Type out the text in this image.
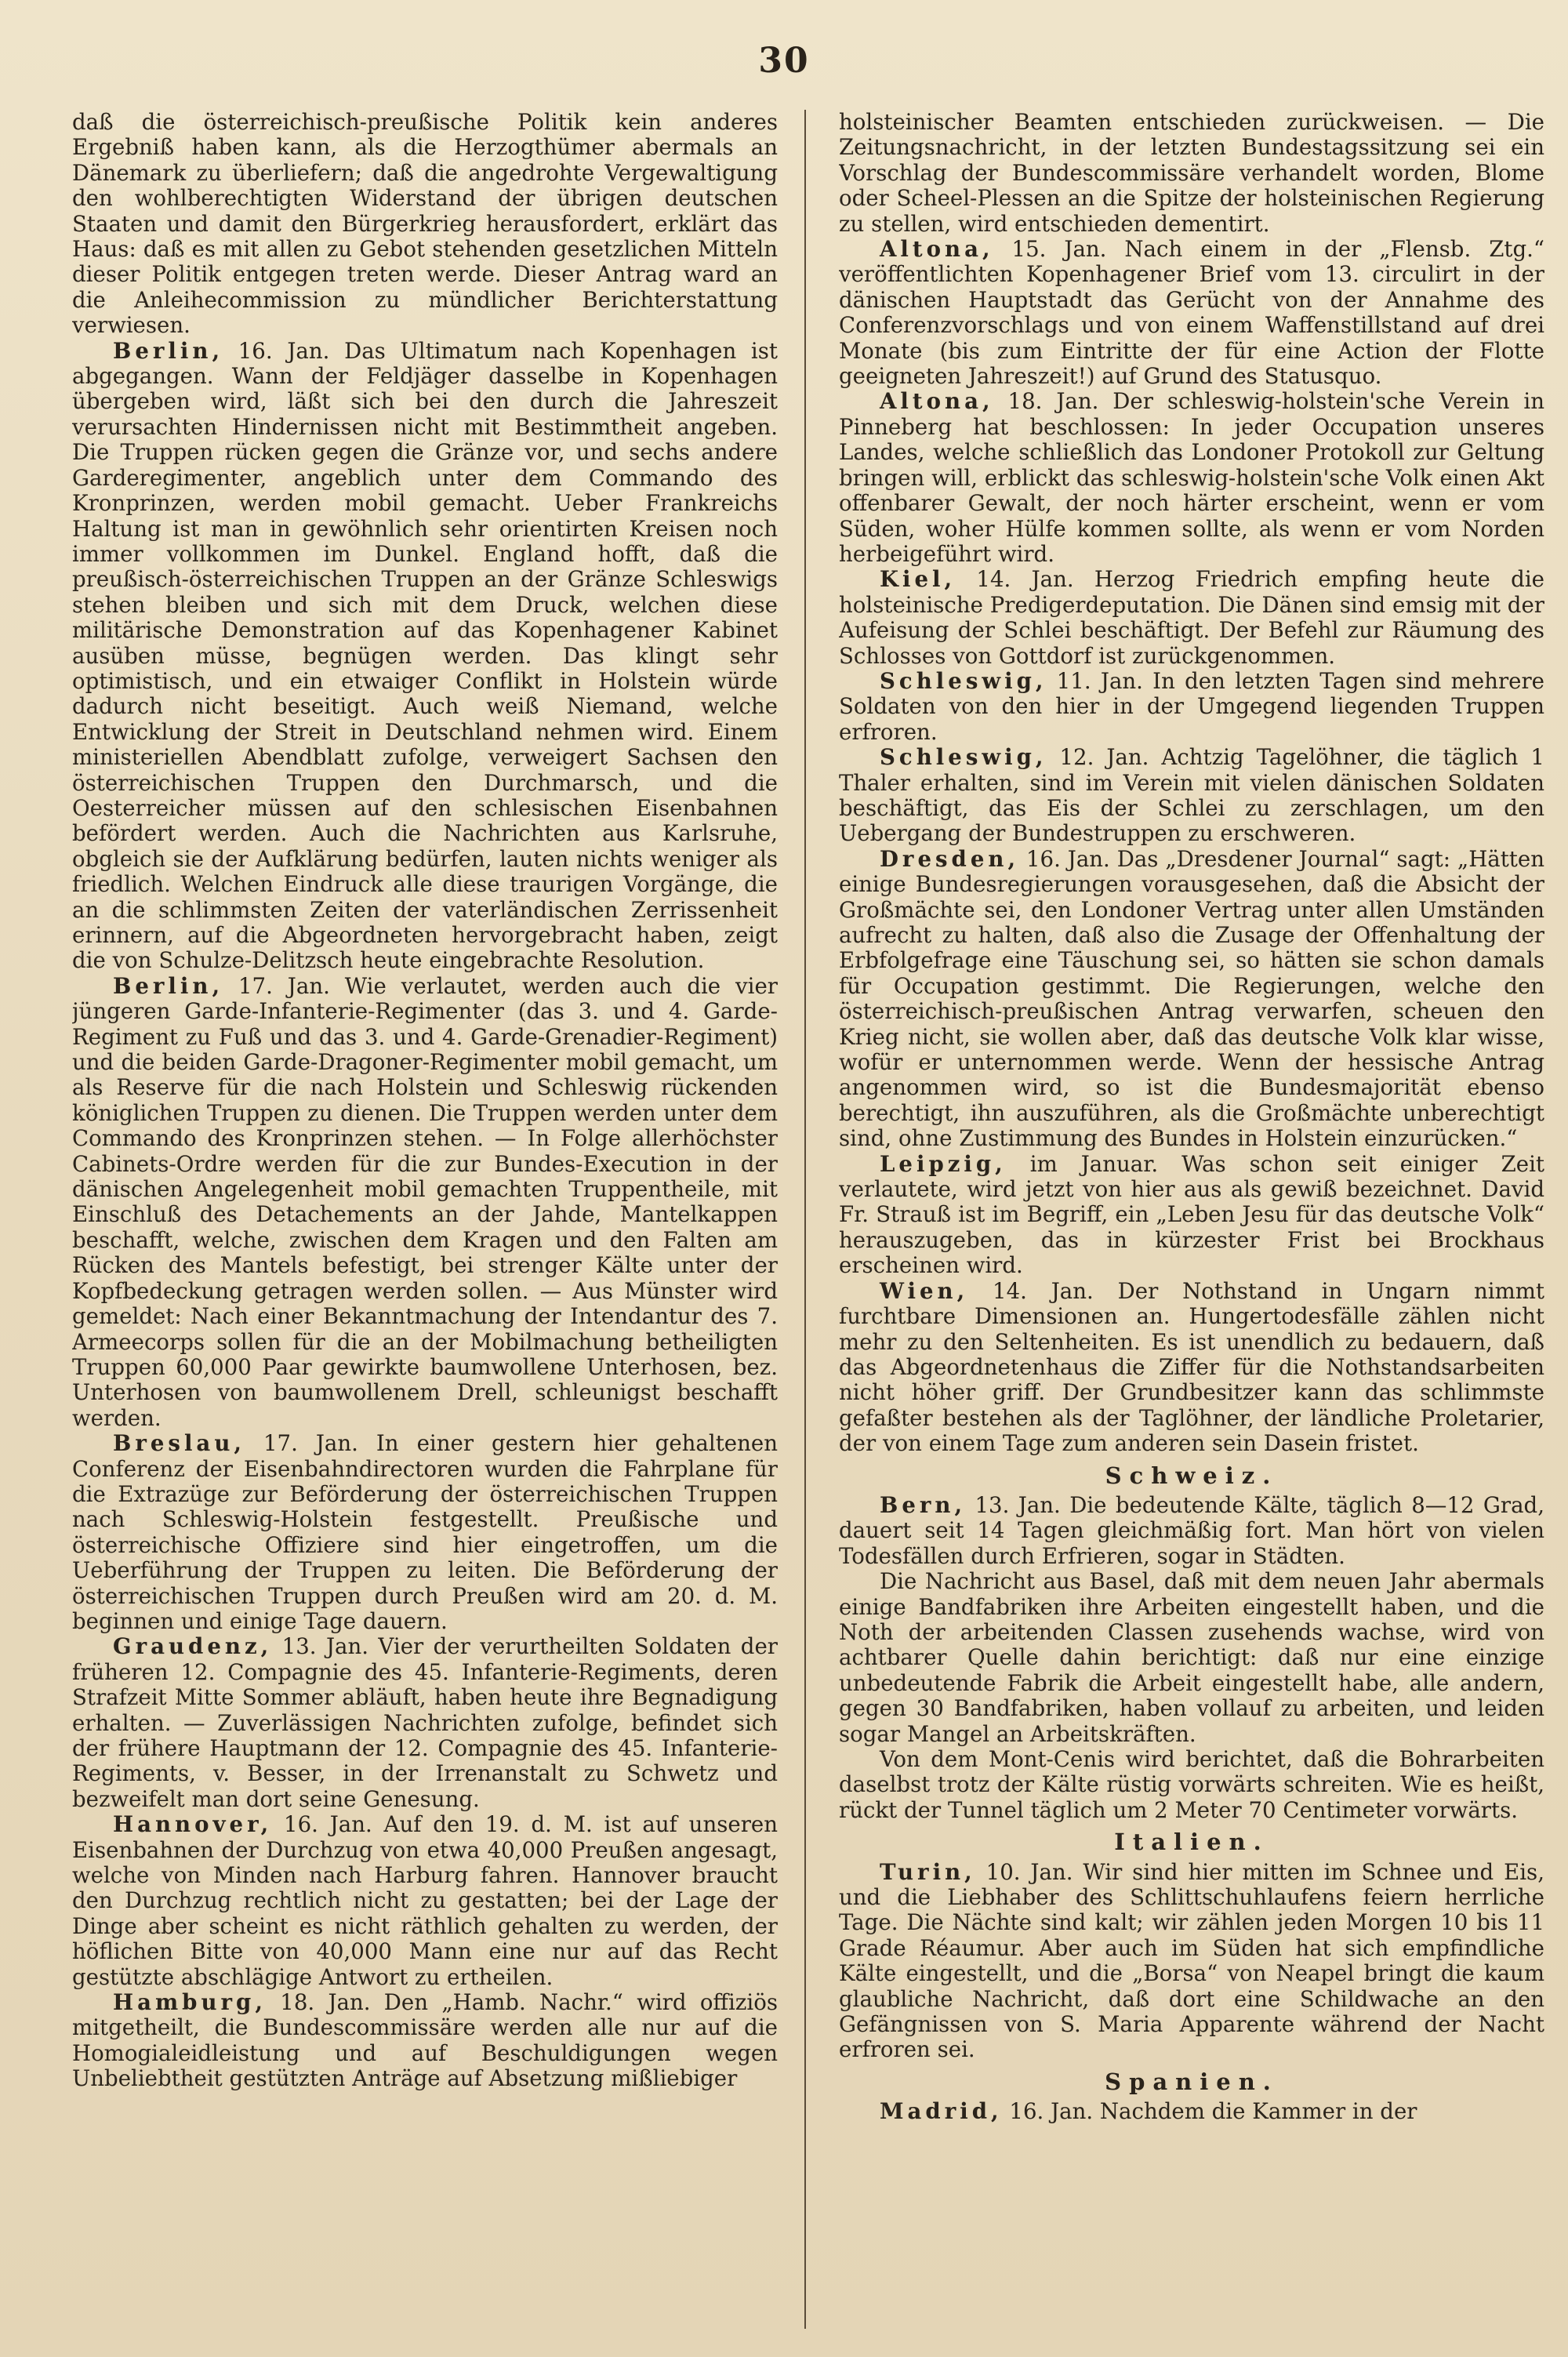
30

daß die österreichisch-preußische Politik kein anderes Ergebniß haben kann, als die Herzogthümer abermals an Dänemark zu überliefern; daß die angedrohte Vergewaltigung den wohlberechtigten Widerstand der übrigen deutschen Staaten und damit den Bürgerkrieg herausfordert, erklärt das Haus: daß es mit allen zu Gebot stehenden gesetzlichen Mitteln dieser Politik entgegen treten werde. Dieser Antrag ward an die Anleihecommission zu mündlicher Berichterstattung verwiesen.

Berlin, 16. Jan. Das Ultimatum nach Kopenhagen ist abgegangen. Wann der Feldjäger dasselbe in Kopenhagen übergeben wird, läßt sich bei den durch die Jahreszeit verursachten Hindernissen nicht mit Bestimmtheit angeben. Die Truppen rücken gegen die Gränze vor, und sechs andere Garderegimenter, angeblich unter dem Commando des Kronprinzen, werden mobil gemacht. Ueber Frankreichs Haltung ist man in gewöhnlich sehr orientirten Kreisen noch immer vollkommen im Dunkel. England hofft, daß die preußisch-österreichischen Truppen an der Gränze Schleswigs stehen bleiben und sich mit dem Druck, welchen diese militärische Demonstration auf das Kopenhagener Kabinet ausüben müsse, begnügen werden. Das klingt sehr optimistisch, und ein etwaiger Conflikt in Holstein würde dadurch nicht beseitigt. Auch weiß Niemand, welche Entwicklung der Streit in Deutschland nehmen wird. Einem ministeriellen Abendblatt zufolge, verweigert Sachsen den österreichischen Truppen den Durchmarsch, und die Oesterreicher müssen auf den schlesischen Eisenbahnen befördert werden. Auch die Nachrichten aus Karlsruhe, obgleich sie der Aufklärung bedürfen, lauten nichts weniger als friedlich. Welchen Eindruck alle diese traurigen Vorgänge, die an die schlimmsten Zeiten der vaterländischen Zerrissenheit erinnern, auf die Abgeordneten hervorgebracht haben, zeigt die von Schulze-Delitzsch heute eingebrachte Resolution.

Berlin, 17. Jan. Wie verlautet, werden auch die vier jüngeren Garde-Infanterie-Regimenter (das 3. und 4. Garde-Regiment zu Fuß und das 3. und 4. Garde-Grenadier-Regiment) und die beiden Garde-Dragoner-Regimenter mobil gemacht, um als Reserve für die nach Holstein und Schleswig rückenden königlichen Truppen zu dienen. Die Truppen werden unter dem Commando des Kronprinzen stehen. — In Folge allerhöchster Cabinets-Ordre werden für die zur Bundes-Execution in der dänischen Angelegenheit mobil gemachten Truppentheile, mit Einschluß des Detachements an der Jahde, Mantelkappen beschafft, welche, zwischen dem Kragen und den Falten am Rücken des Mantels befestigt, bei strenger Kälte unter der Kopfbedeckung getragen werden sollen. — Aus Münster wird gemeldet: Nach einer Bekanntmachung der Intendantur des 7. Armeecorps sollen für die an der Mobilmachung betheiligten Truppen 60,000 Paar gewirkte baumwollene Unterhosen, bez. Unterhosen von baumwollenem Drell, schleunigst beschafft werden.

Breslau, 17. Jan. In einer gestern hier gehaltenen Conferenz der Eisenbahndirectoren wurden die Fahrplane für die Extrazüge zur Beförderung der österreichischen Truppen nach Schleswig-Holstein festgestellt. Preußische und österreichische Offiziere sind hier eingetroffen, um die Ueberführung der Truppen zu leiten. Die Beförderung der österreichischen Truppen durch Preußen wird am 20. d. M. beginnen und einige Tage dauern.

Graudenz, 13. Jan. Vier der verurtheilten Soldaten der früheren 12. Compagnie des 45. Infanterie-Regiments, deren Strafzeit Mitte Sommer abläuft, haben heute ihre Begnadigung erhalten. — Zuverlässigen Nachrichten zufolge, befindet sich der frühere Hauptmann der 12. Compagnie des 45. Infanterie-Regiments, v. Besser, in der Irrenanstalt zu Schwetz und bezweifelt man dort seine Genesung.

Hannover, 16. Jan. Auf den 19. d. M. ist auf unseren Eisenbahnen der Durchzug von etwa 40,000 Preußen angesagt, welche von Minden nach Harburg fahren. Hannover braucht den Durchzug rechtlich nicht zu gestatten; bei der Lage der Dinge aber scheint es nicht räthlich gehalten zu werden, der höflichen Bitte von 40,000 Mann eine nur auf das Recht gestützte abschlägige Antwort zu ertheilen.

Hamburg, 18. Jan. Den „Hamb. Nachr.“ wird offiziös mitgetheilt, die Bundescommissäre werden alle nur auf die Homogialeidleistung und auf Beschuldigungen wegen Unbeliebtheit gestützten Anträge auf Absetzung mißliebiger

holsteinischer Beamten entschieden zurückweisen. — Die Zeitungsnachricht, in der letzten Bundestagssitzung sei ein Vorschlag der Bundescommissäre verhandelt worden, Blome oder Scheel-Plessen an die Spitze der holsteinischen Regierung zu stellen, wird entschieden dementirt.

Altona, 15. Jan. Nach einem in der „Flensb. Ztg.“ veröffentlichten Kopenhagener Brief vom 13. circulirt in der dänischen Hauptstadt das Gerücht von der Annahme des Conferenzvorschlags und von einem Waffenstillstand auf drei Monate (bis zum Eintritte der für eine Action der Flotte geeigneten Jahreszeit!) auf Grund des Statusquo.

Altona, 18. Jan. Der schleswig-holstein'sche Verein in Pinneberg hat beschlossen: In jeder Occupation unseres Landes, welche schließlich das Londoner Protokoll zur Geltung bringen will, erblickt das schleswig-holstein'sche Volk einen Akt offenbarer Gewalt, der noch härter erscheint, wenn er vom Süden, woher Hülfe kommen sollte, als wenn er vom Norden herbeigeführt wird.

Kiel, 14. Jan. Herzog Friedrich empfing heute die holsteinische Predigerdeputation. Die Dänen sind emsig mit der Aufeisung der Schlei beschäftigt. Der Befehl zur Räumung des Schlosses von Gottdorf ist zurückgenommen.

Schleswig, 11. Jan. In den letzten Tagen sind mehrere Soldaten von den hier in der Umgegend liegenden Truppen erfroren.

Schleswig, 12. Jan. Achtzig Tagelöhner, die täglich 1 Thaler erhalten, sind im Verein mit vielen dänischen Soldaten beschäftigt, das Eis der Schlei zu zerschlagen, um den Uebergang der Bundestruppen zu erschweren.

Dresden, 16. Jan. Das „Dresdener Journal“ sagt: „Hätten einige Bundesregierungen vorausgesehen, daß die Absicht der Großmächte sei, den Londoner Vertrag unter allen Umständen aufrecht zu halten, daß also die Zusage der Offenhaltung der Erbfolgefrage eine Täuschung sei, so hätten sie schon damals für Occupation gestimmt. Die Regierungen, welche den österreichisch-preußischen Antrag verwarfen, scheuen den Krieg nicht, sie wollen aber, daß das deutsche Volk klar wisse, wofür er unternommen werde. Wenn der hessische Antrag angenommen wird, so ist die Bundesmajorität ebenso berechtigt, ihn auszuführen, als die Großmächte unberechtigt sind, ohne Zustimmung des Bundes in Holstein einzurücken.“

Leipzig, im Januar. Was schon seit einiger Zeit verlautete, wird jetzt von hier aus als gewiß bezeichnet. David Fr. Strauß ist im Begriff, ein „Leben Jesu für das deutsche Volk“ herauszugeben, das in kürzester Frist bei Brockhaus erscheinen wird.

Wien, 14. Jan. Der Nothstand in Ungarn nimmt furchtbare Dimensionen an. Hungertodesfälle zählen nicht mehr zu den Seltenheiten. Es ist unendlich zu bedauern, daß das Abgeordnetenhaus die Ziffer für die Nothstandsarbeiten nicht höher griff. Der Grundbesitzer kann das schlimmste gefaßter bestehen als der Taglöhner, der ländliche Proletarier, der von einem Tage zum anderen sein Dasein fristet.

Schweiz.

Bern, 13. Jan. Die bedeutende Kälte, täglich 8—12 Grad, dauert seit 14 Tagen gleichmäßig fort. Man hört von vielen Todesfällen durch Erfrieren, sogar in Städten.

Die Nachricht aus Basel, daß mit dem neuen Jahr abermals einige Bandfabriken ihre Arbeiten eingestellt haben, und die Noth der arbeitenden Classen zusehends wachse, wird von achtbarer Quelle dahin berichtigt: daß nur eine einzige unbedeutende Fabrik die Arbeit eingestellt habe, alle andern, gegen 30 Bandfabriken, haben vollauf zu arbeiten, und leiden sogar Mangel an Arbeitskräften.

Von dem Mont-Cenis wird berichtet, daß die Bohrarbeiten daselbst trotz der Kälte rüstig vorwärts schreiten. Wie es heißt, rückt der Tunnel täglich um 2 Meter 70 Centimeter vorwärts.

Italien.

Turin, 10. Jan. Wir sind hier mitten im Schnee und Eis, und die Liebhaber des Schlittschuhlaufens feiern herrliche Tage. Die Nächte sind kalt; wir zählen jeden Morgen 10 bis 11 Grade Réaumur. Aber auch im Süden hat sich empfindliche Kälte eingestellt, und die „Borsa“ von Neapel bringt die kaum glaubliche Nachricht, daß dort eine Schildwache an den Gefängnissen von S. Maria Apparente während der Nacht erfroren sei.

Spanien.

Madrid, 16. Jan. Nachdem die Kammer in der
